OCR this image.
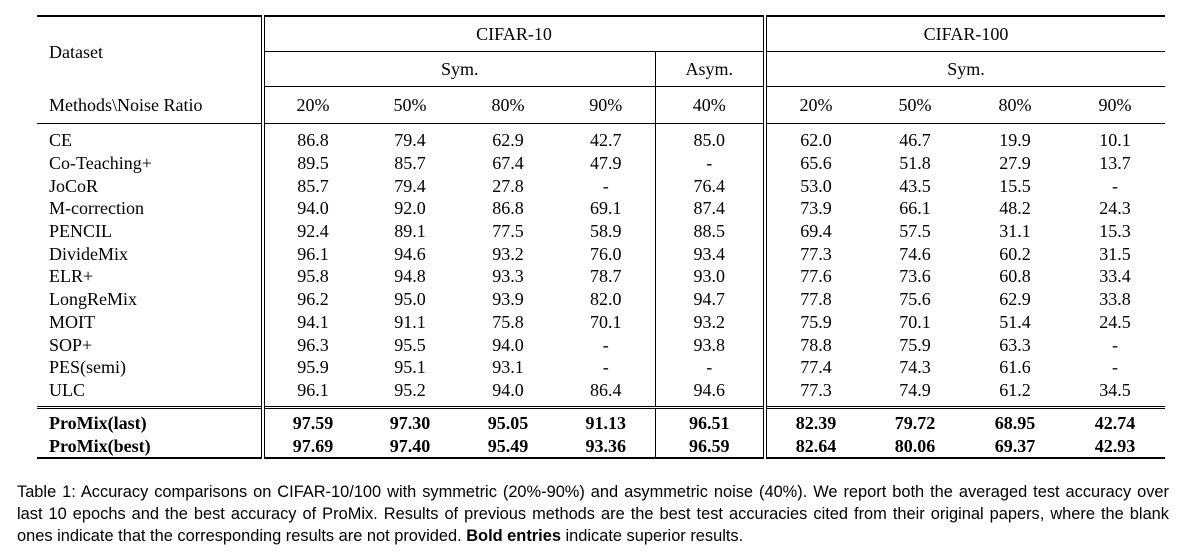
Dataset	CIFAR-10					CIFAR-100			
	Sym.				Asym.	Sym.			
Methods\Noise Ratio	20%	50%	80%	90%	40%	20%	50%	80%	90%
CE	86.8	79.4	62.9	42.7	85.0	62.0	46.7	19.9	10.1
Co-Teaching+	89.5	85.7	67.4	47.9	-	65.6	51.8	27.9	13.7
JoCoR	85.7	79.4	27.8	-	76.4	53.0	43.5	15.5	-
M-correction	94.0	92.0	86.8	69.1	87.4	73.9	66.1	48.2	24.3
PENCIL	92.4	89.1	77.5	58.9	88.5	69.4	57.5	31.1	15.3
DivideMix	96.1	94.6	93.2	76.0	93.4	77.3	74.6	60.2	31.5
ELR+	95.8	94.8	93.3	78.7	93.0	77.6	73.6	60.8	33.4
LongReMix	96.2	95.0	93.9	82.0	94.7	77.8	75.6	62.9	33.8
MOIT	94.1	91.1	75.8	70.1	93.2	75.9	70.1	51.4	24.5
SOP+	96.3	95.5	94.0	-	93.8	78.8	75.9	63.3	-
PES(semi)	95.9	95.1	93.1	-	-	77.4	74.3	61.6	-
ULC	96.1	95.2	94.0	86.4	94.6	77.3	74.9	61.2	34.5
ProMix(last)	97.59	97.30	95.05	91.13	96.51	82.39	79.72	68.95	42.74
ProMix(best)	97.69	97.40	95.49	93.36	96.59	82.64	80.06	69.37	42.93
Table 1: Accuracy comparisons on CIFAR-10/100 with symmetric (20%-90%) and asymmetric noise (40%). We report both the averaged test accuracy over last 10 epochs and the best accuracy of ProMix. Results of previous methods are the best test accuracies cited from their original papers, where the blank ones indicate that the corresponding results are not provided. Bold entries indicate superior results.
